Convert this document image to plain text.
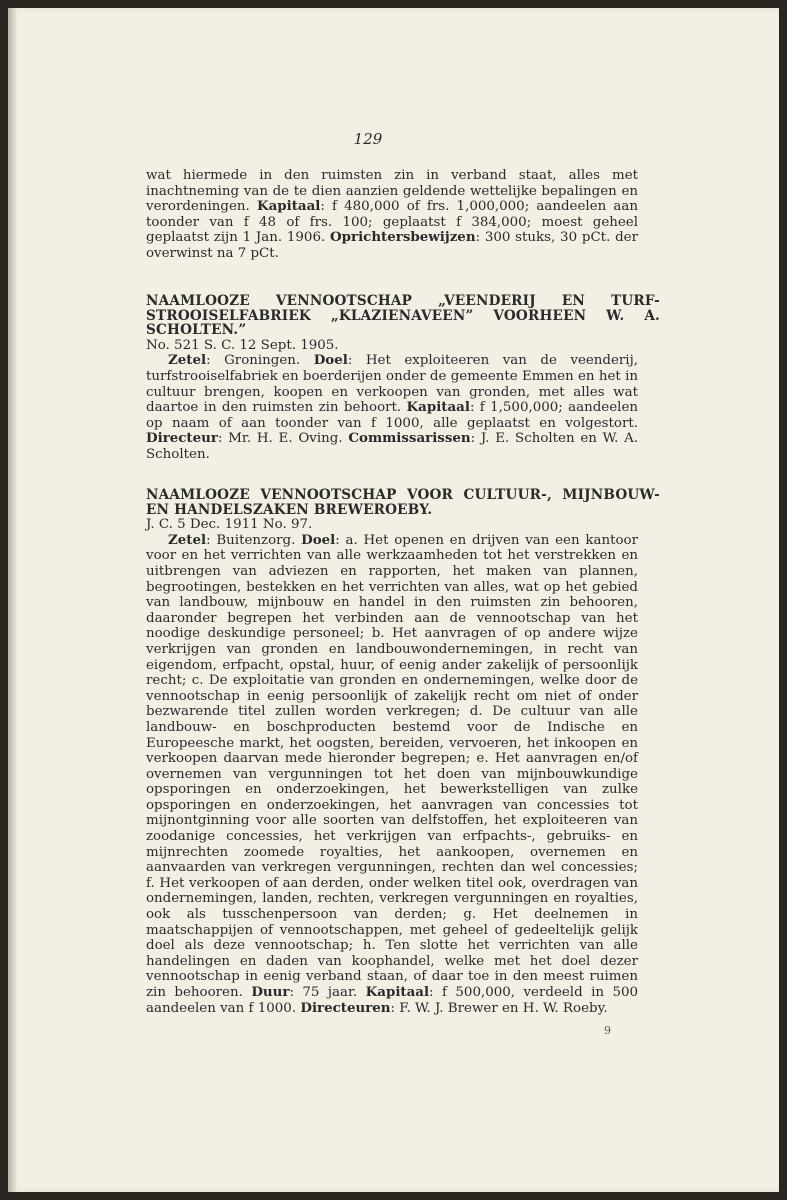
129

wat hiermede in den ruimsten zin in verband staat, alles met inachtneming van de te dien aanzien geldende wettelijke bepalingen en verordeningen. Kapitaal: f 480,000 of frs. 1,000,000; aandeelen aan toonder van f 48 of frs. 100; geplaatst f 384,000; moest geheel geplaatst zijn 1 Jan. 1906. Oprichtersbewijzen: 300 stuks, 30 pCt. der overwinst na 7 pCt.

NAAMLOOZE VENNOOTSCHAP „VEENDERIJ EN TURF-STROOISELFABRIEK „KLAZIENAVEEN” VOORHEEN W. A. SCHOLTEN.”

No. 521 S. C. 12 Sept. 1905.

Zetel: Groningen. Doel: Het exploiteeren van de veenderij, turfstrooiselfabriek en boerderijen onder de gemeente Emmen en het in cultuur brengen, koopen en verkoopen van gronden, met alles wat daartoe in den ruimsten zin behoort. Kapitaal: f 1,500,000; aandeelen op naam of aan toonder van f 1000, alle geplaatst en volgestort. Directeur: Mr. H. E. Oving. Commissarissen: J. E. Scholten en W. A. Scholten.

NAAMLOOZE VENNOOTSCHAP VOOR CULTUUR-, MIJNBOUW-EN HANDELSZAKEN BREWEROEBY.

J. C. 5 Dec. 1911 No. 97.

Zetel: Buitenzorg. Doel: a. Het openen en drijven van een kantoor voor en het verrichten van alle werkzaamheden tot het verstrekken en uitbrengen van adviezen en rapporten, het maken van plannen, begrootingen, bestekken en het verrichten van alles, wat op het gebied van landbouw, mijnbouw en handel in den ruimsten zin behooren, daaronder begrepen het verbinden aan de vennootschap van het noodige deskundige personeel; b. Het aanvragen of op andere wijze verkrijgen van gronden en landbouwondernemingen, in recht van eigendom, erfpacht, opstal, huur, of eenig ander zakelijk of persoonlijk recht; c. De exploitatie van gronden en ondernemingen, welke door de vennootschap in eenig persoonlijk of zakelijk recht om niet of onder bezwarende titel zullen worden verkregen; d. De cultuur van alle landbouw- en boschproducten bestemd voor de Indische en Europeesche markt, het oogsten, bereiden, vervoeren, het inkoopen en verkoopen daarvan mede hieronder begrepen; e. Het aanvragen en/of overnemen van vergunningen tot het doen van mijnbouwkundige opsporingen en onderzoekingen, het bewerkstelligen van zulke opsporingen en onderzoekingen, het aanvragen van concessies tot mijnontginning voor alle soorten van delfstoffen, het exploiteeren van zoodanige concessies, het verkrijgen van erfpachts-, gebruiks- en mijnrechten zoomede royalties, het aankoopen, overnemen en aanvaarden van verkregen vergunningen, rechten dan wel concessies; f. Het verkoopen of aan derden, onder welken titel ook, overdragen van ondernemingen, landen, rechten, verkregen vergunningen en royalties, ook als tusschenpersoon van derden; g. Het deelnemen in maatschappijen of vennootschappen, met geheel of gedeeltelijk gelijk doel als deze vennootschap; h. Ten slotte het verrichten van alle handelingen en daden van koophandel, welke met het doel dezer vennootschap in eenig verband staan, of daar toe in den meest ruimen zin behooren. Duur: 75 jaar. Kapitaal: f 500,000, verdeeld in 500 aandeelen van f 1000. Directeuren: F. W. J. Brewer en H. W. Roeby.

9
